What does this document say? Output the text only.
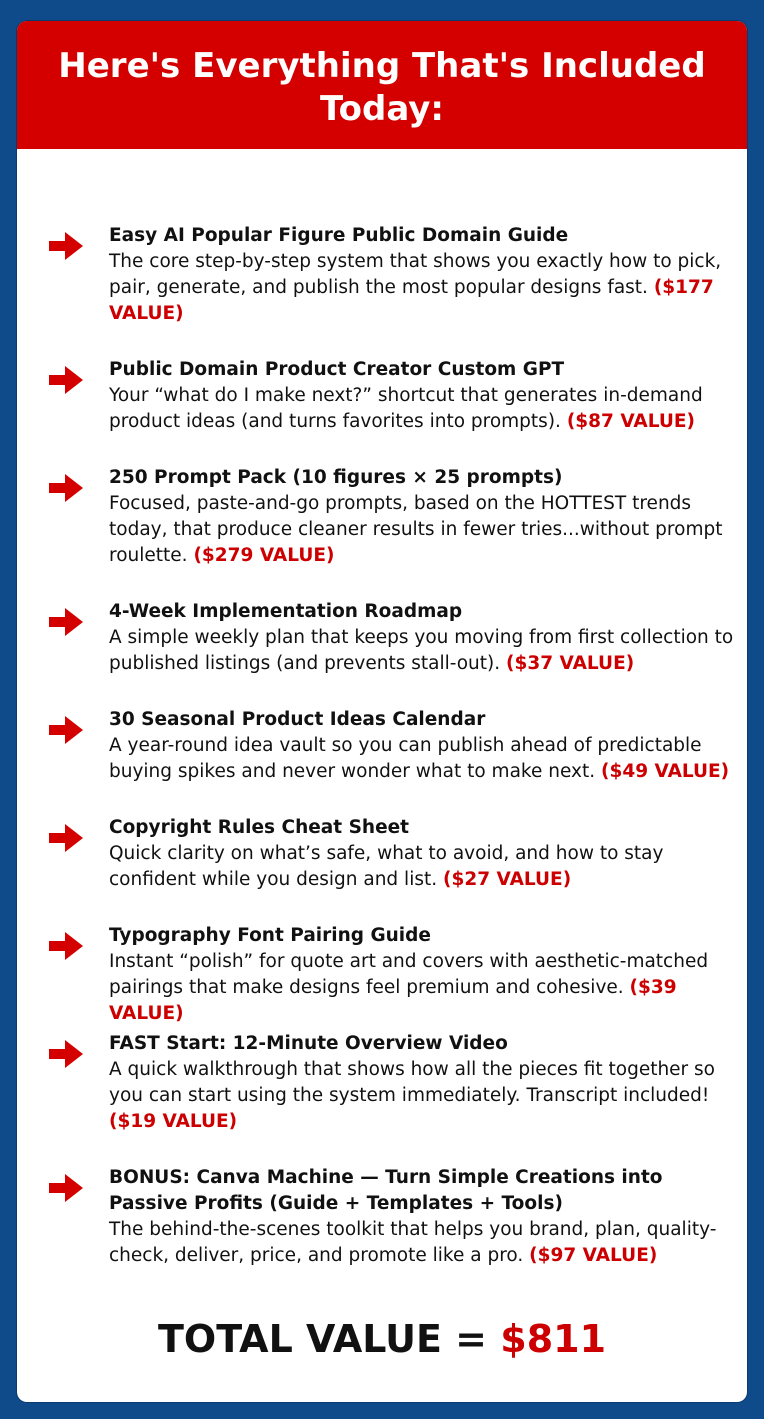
Here's Everything That's Included
Today:
Easy AI Popular Figure Public Domain Guide
The core step-by-step system that shows you exactly how to pick, pair, generate, and publish the most popular designs fast. ($177 VALUE)
Public Domain Product Creator Custom GPT
Your “what do I make next?” shortcut that generates in-demand product ideas (and turns favorites into prompts). ($87 VALUE)
250 Prompt Pack (10 figures × 25 prompts)
Focused, paste-and-go prompts, based on the HOTTEST trends today, that produce cleaner results in fewer tries...without prompt roulette. ($279 VALUE)
4-Week Implementation Roadmap
A simple weekly plan that keeps you moving from first collection to published listings (and prevents stall-out). ($37 VALUE)
30 Seasonal Product Ideas Calendar
A year-round idea vault so you can publish ahead of predictable buying spikes and never wonder what to make next. ($49 VALUE)
Copyright Rules Cheat Sheet
Quick clarity on what’s safe, what to avoid, and how to stay confident while you design and list. ($27 VALUE)
Typography Font Pairing Guide
Instant “polish” for quote art and covers with aesthetic-matched pairings that make designs feel premium and cohesive. ($39 VALUE)
FAST Start: 12-Minute Overview Video
A quick walkthrough that shows how all the pieces fit together so you can start using the system immediately. Transcript included! ($19 VALUE)
BONUS: Canva Machine — Turn Simple Creations into Passive Profits (Guide + Templates + Tools)
The behind-the-scenes toolkit that helps you brand, plan, quality-check, deliver, price, and promote like a pro. ($97 VALUE)
TOTAL VALUE = $811
